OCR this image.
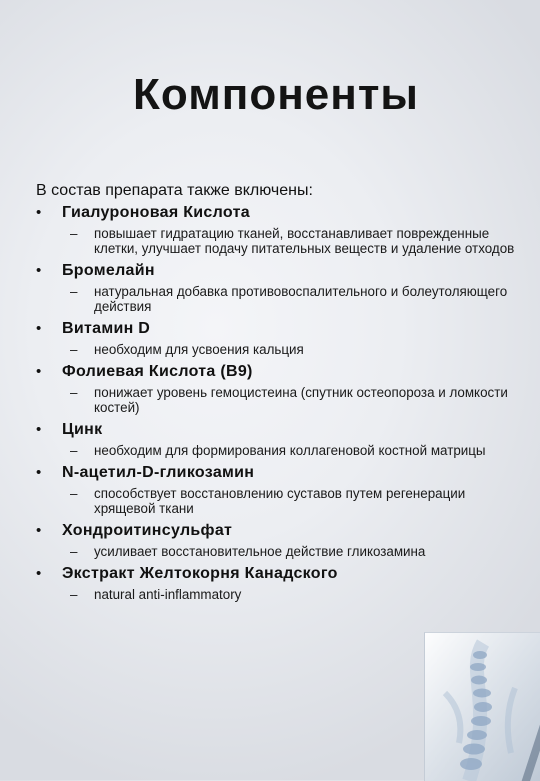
Компоненты

В состав препарата также включены:

•	Гиалуроновая Кислота
–	повышает гидратацию тканей, восстанавливает поврежденные клетки, улучшает подачу питательных веществ и удаление отходов
•	Бромелайн
–	натуральная добавка противовоспалительного и болеутоляющего действия
•	Витамин D
–	необходим для усвоения кальция
•	Фолиевая Кислота (B9)
–	понижает уровень гемоцистеина (спутник остеопороза и ломкости костей)
•	Цинк
–	необходим для формирования коллагеновой костной матрицы
•	N-ацетил-D-гликозамин
–	способствует восстановлению суставов путем регенерации хрящевой ткани
•	Хондроитинсульфат
–	усиливает восстановительное действие гликозамина
•	Экстракт Желтокорня Канадского
–	natural anti-inflammatory
